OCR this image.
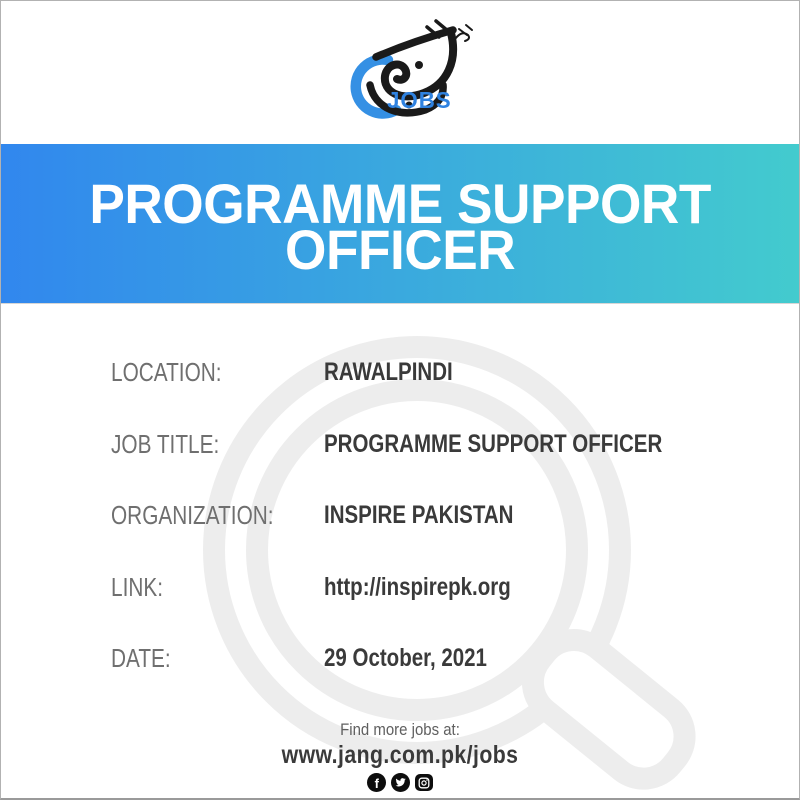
JOBS
PROGRAMME SUPPORT
OFFICER
LOCATION:	RAWALPINDI
JOB TITLE:	PROGRAMME SUPPORT OFFICER
ORGANIZATION: INSPIRE PAKISTAN
LINK:	http://inspirepk.org
DATE:	29 October, 2021
Find more jobs at:
www.jang.com.pk/jobs
f
